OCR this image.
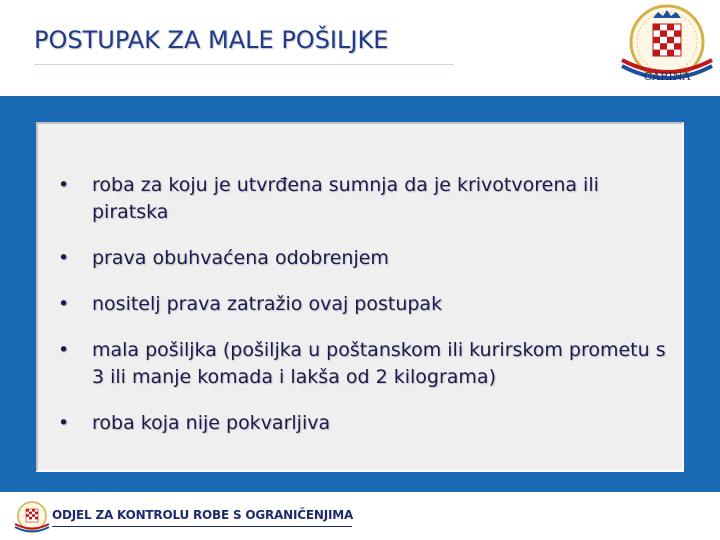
POSTUPAK ZA MALE POŠILJKE
CARINA
• roba za koju je utvrđena sumnja da je krivotvorena ili piratska
• prava obuhvaćena odobrenjem
• nositelj prava zatražio ovaj postupak
• mala pošiljka (pošiljka u poštanskom ili kurirskom prometu s 3 ili manje komada i lakša od 2 kilograma)
• roba koja nije pokvarljiva
ODJEL ZA KONTROLU ROBE S OGRANIČENJIMA
